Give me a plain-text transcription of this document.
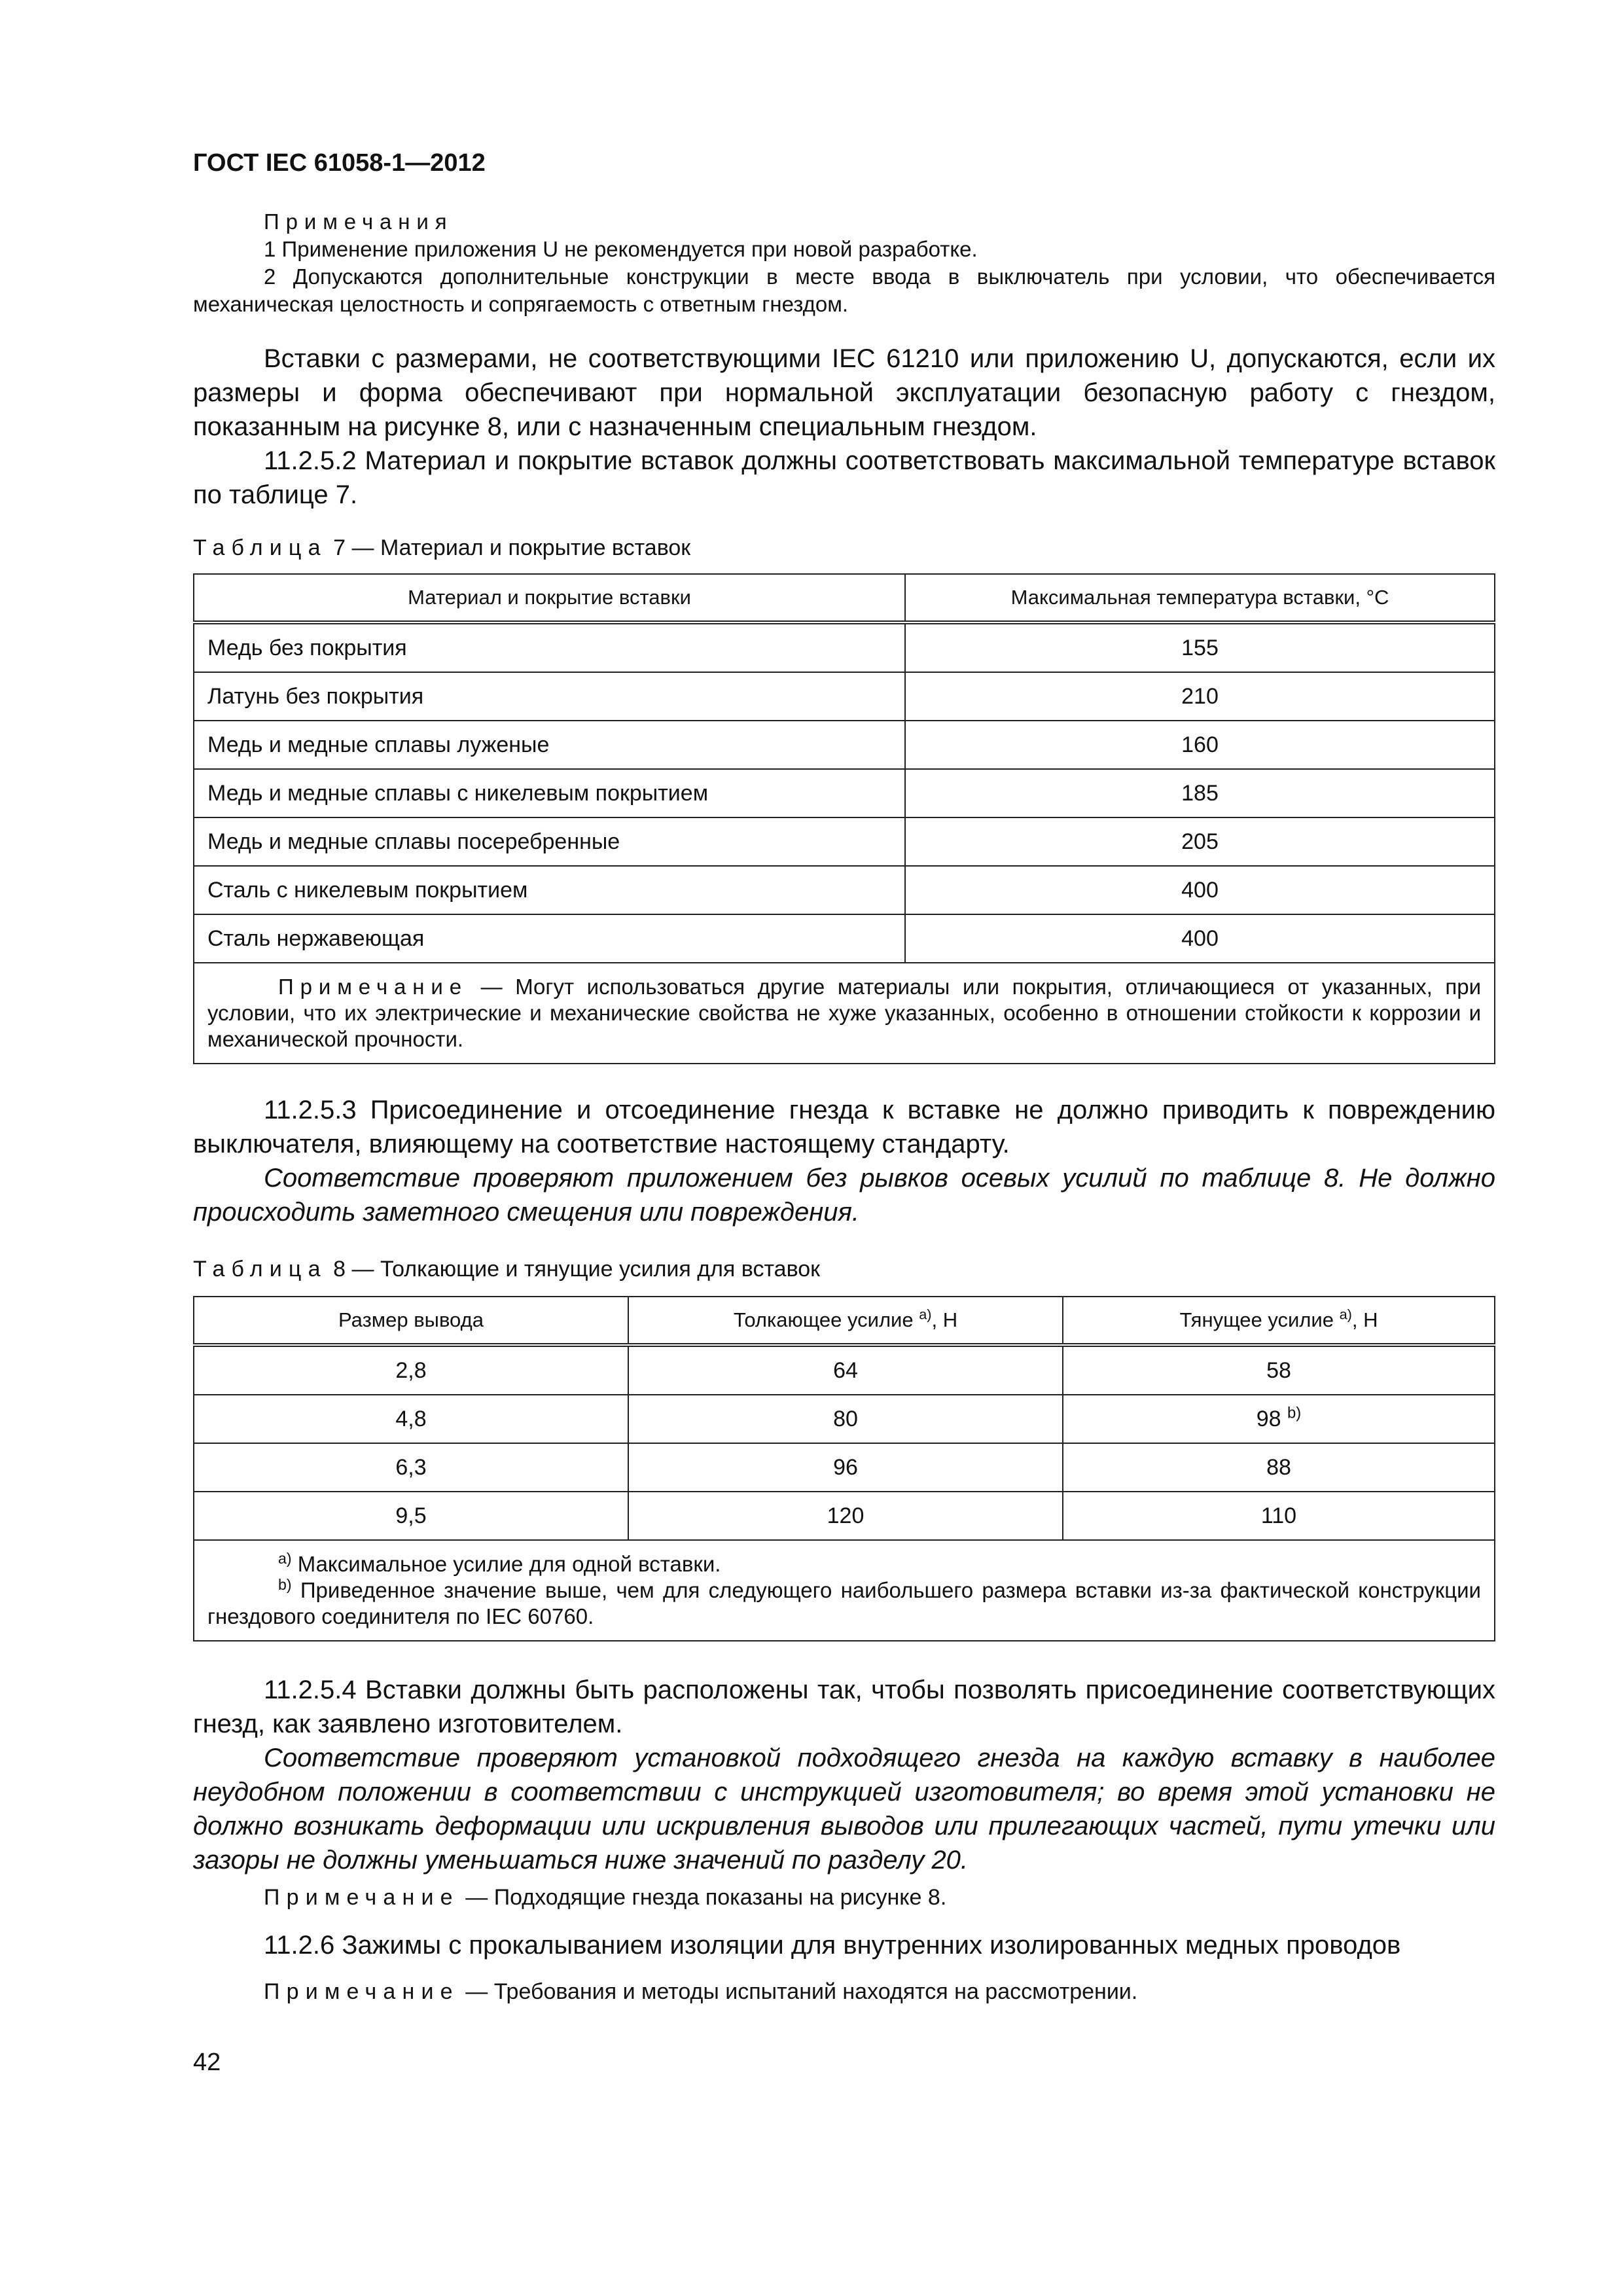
ГОСТ IEC 61058-1—2012

Примечания

1 Применение приложения U не рекомендуется при новой разработке.

2 Допускаются дополнительные конструкции в месте ввода в выключатель при условии, что обеспечивается механическая целостность и сопрягаемость с ответным гнездом.

Вставки с размерами, не соответствующими IEC 61210 или приложению U, допускаются, если их размеры и форма обеспечивают при нормальной эксплуатации безопасную работу с гнездом, показанным на рисунке 8, или с назначенным специальным гнездом.

11.2.5.2 Материал и покрытие вставок должны соответствовать максимальной температуре вставок по таблице 7.

Таблица 7 — Материал и покрытие вставок
Материал и покрытие вставки	Максимальная температура вставки, °С
Медь без покрытия	155
Латунь без покрытия	210
Медь и медные сплавы луженые	160
Медь и медные сплавы с никелевым покрытием	185
Медь и медные сплавы посеребренные	205
Сталь с никелевым покрытием	400
Сталь нержавеющая	400
Примечание — Могут использоваться другие материалы или покрытия, отличающиеся от указанных, при условии, что их электрические и механические свойства не хуже указанных, особенно в отношении стойкости к коррозии и механической прочности.	

11.2.5.3 Присоединение и отсоединение гнезда к вставке не должно приводить к повреждению выключателя, влияющему на соответствие настоящему стандарту.

Соответствие проверяют приложением без рывков осевых усилий по таблице 8. Не должно происходить заметного смещения или повреждения.

Таблица 8 — Толкающие и тянущие усилия для вставок
Размер вывода	Толкающее усилие $^{a)}$, Н	Тянущее усилие $^{a)}$, Н
2,8	64	58
4,8	80	98 $^{b)}$
6,3	96	88
9,5	120	110

$^{a)}$ Максимальное усилие для одной вставки.
$^{b)}$ Приведенное значение выше, чем для следующего наибольшего размера вставки из-за фактической конструкции гнездового соединителя по IEC 60760.		

11.2.5.4 Вставки должны быть расположены так, чтобы позволять присоединение соответствующих гнезд, как заявлено изготовителем.

Соответствие проверяют установкой подходящего гнезда на каждую вставку в наиболее неудобном положении в соответствии с инструкцией изготовителя; во время этой установки не должно возникать деформации или искривления выводов или прилегающих частей, пути утечки или зазоры не должны уменьшаться ниже значений по разделу 20.

Примечание — Подходящие гнезда показаны на рисунке 8.

11.2.6 Зажимы с прокалыванием изоляции для внутренних изолированных медных проводов

Примечание — Требования и методы испытаний находятся на рассмотрении.
42
